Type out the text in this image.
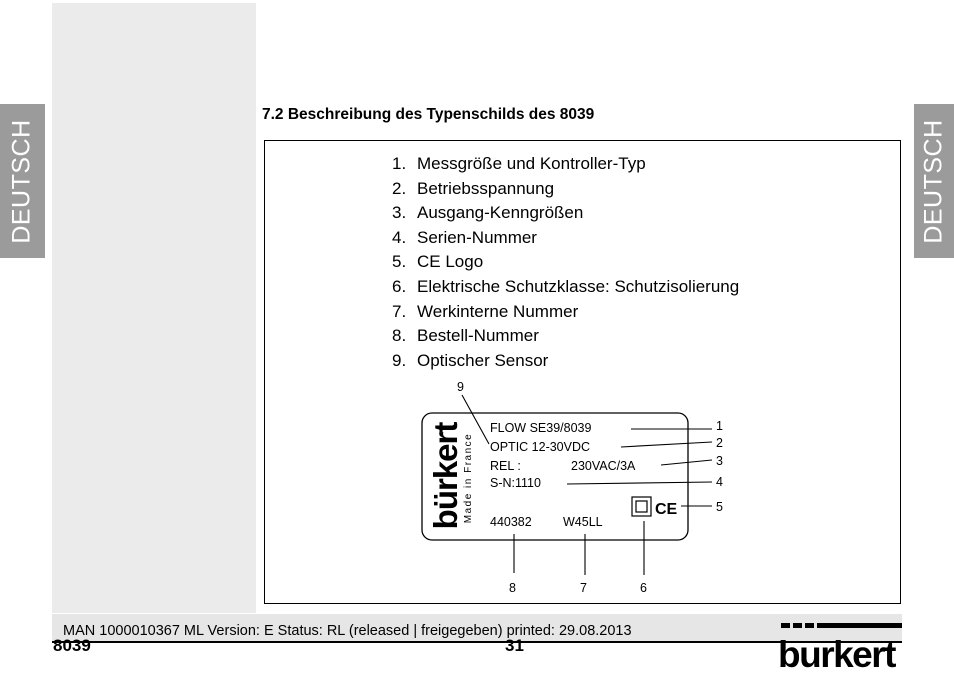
DEUTSCH	DEUTSCH
7.2 Beschreibung des Typenschilds des 8039
1. Messgröße und Kontroller-Typ
2. Betriebsspannung
3. Ausgang-Kenngrößen
4. Serien-Nummer
5. CE Logo
6. Elektrische Schutzklasse: Schutzisolierung
7. Werkinterne Nummer
8. Bestell-Nummer
9. Optischer Sensor
bürkert Made in France
FLOW SE39/8039
OPTIC 12-30VDC
REL :	230VAC/3A
S-N:1110
440382	W45LL
CE
1
2
3
4
5
6
7
8
9
MAN 1000010367 ML Version: E Status: RL (released | freigegeben) printed: 29.08.2013
8039	31	burkert
